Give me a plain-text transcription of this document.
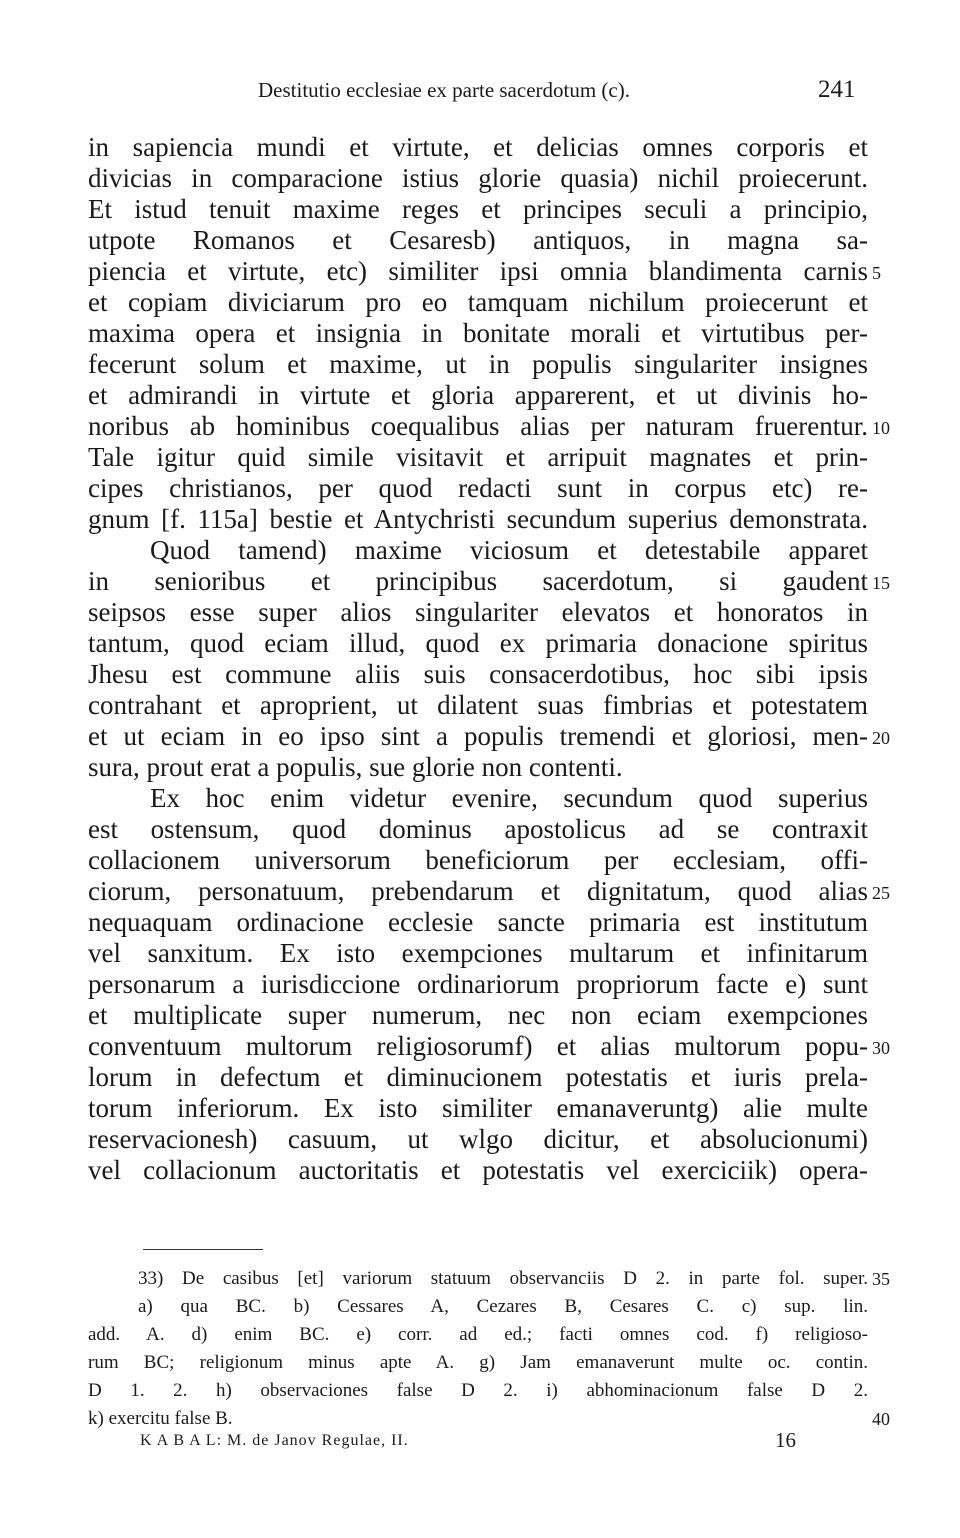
Destitutio ecclesiae ex parte sacerdotum (c).	241
in sapiencia mundi et virtute, et delicias omnes corporis et
divicias in comparacione istius glorie quasia) nichil proiecerunt.
Et istud tenuit maxime reges et principes seculi a principio,
utpote Romanos et Cesaresb) antiquos, in magna sa-
piencia et virtute, etc) similiter ipsi omnia blandimenta carnis 5
et copiam diviciarum pro eo tamquam nichilum proiecerunt et
maxima opera et insignia in bonitate morali et virtutibus per-
fecerunt solum et maxime, ut in populis singulariter insignes
et admirandi in virtute et gloria apparerent, et ut divinis ho-
noribus ab hominibus coequalibus alias per naturam fruerentur. 10
Tale igitur quid simile visitavit et arripuit magnates et prin-
cipes christianos, per quod redacti sunt in corpus etc) re-
gnum [f. 115a] bestie et Antychristi secundum superius demonstrata.
Quod tamend) maxime viciosum et detestabile apparet
in senioribus et principibus sacerdotum, si gaudent 15
seipsos esse super alios singulariter elevatos et honoratos in
tantum, quod eciam illud, quod ex primaria donacione spiritus
Jhesu est commune aliis suis consacerdotibus, hoc sibi ipsis
contrahant et aproprient, ut dilatent suas fimbrias et potestatem
et ut eciam in eo ipso sint a populis tremendi et gloriosi, men- 20
sura, prout erat a populis, sue glorie non contenti.
Ex hoc enim videtur evenire, secundum quod superius
est ostensum, quod dominus apostolicus ad se contraxit
collacionem universorum beneficiorum per ecclesiam, offi-
ciorum, personatuum, prebendarum et dignitatum, quod alias 25
nequaquam ordinacione ecclesie sancte primaria est institutum
vel sanxitum. Ex isto exempciones multarum et infinitarum
personarum a iurisdiccione ordinariorum propriorum facte e) sunt
et multiplicate super numerum, nec non eciam exempciones
conventuum multorum religiosorumf) et alias multorum popu- 30
lorum in defectum et diminucionem potestatis et iuris prela-
torum inferiorum. Ex isto similiter emanaveruntg) alie multe
reservacionesh) casuum, ut wlgo dicitur, et absolucionumi)
vel collacionum auctoritatis et potestatis vel exerciciik) opera-
33) De casibus [et] variorum statuum observanciis D 2. in parte fol. super. 35
a) qua BC. b) Cessares A, Cezares B, Cesares C. c) sup. lin.
add. A. d) enim BC. e) corr. ad ed.; facti omnes cod. f) religioso-
rum BC; religionum minus apte A. g) Jam emanaverunt multe oc. contin.
D 1. 2. h) observaciones false D 2. i) abhominacionum false D 2.
k) exercitu false B.	40
K A B A L: M. de Janov Regulae, II.	16
